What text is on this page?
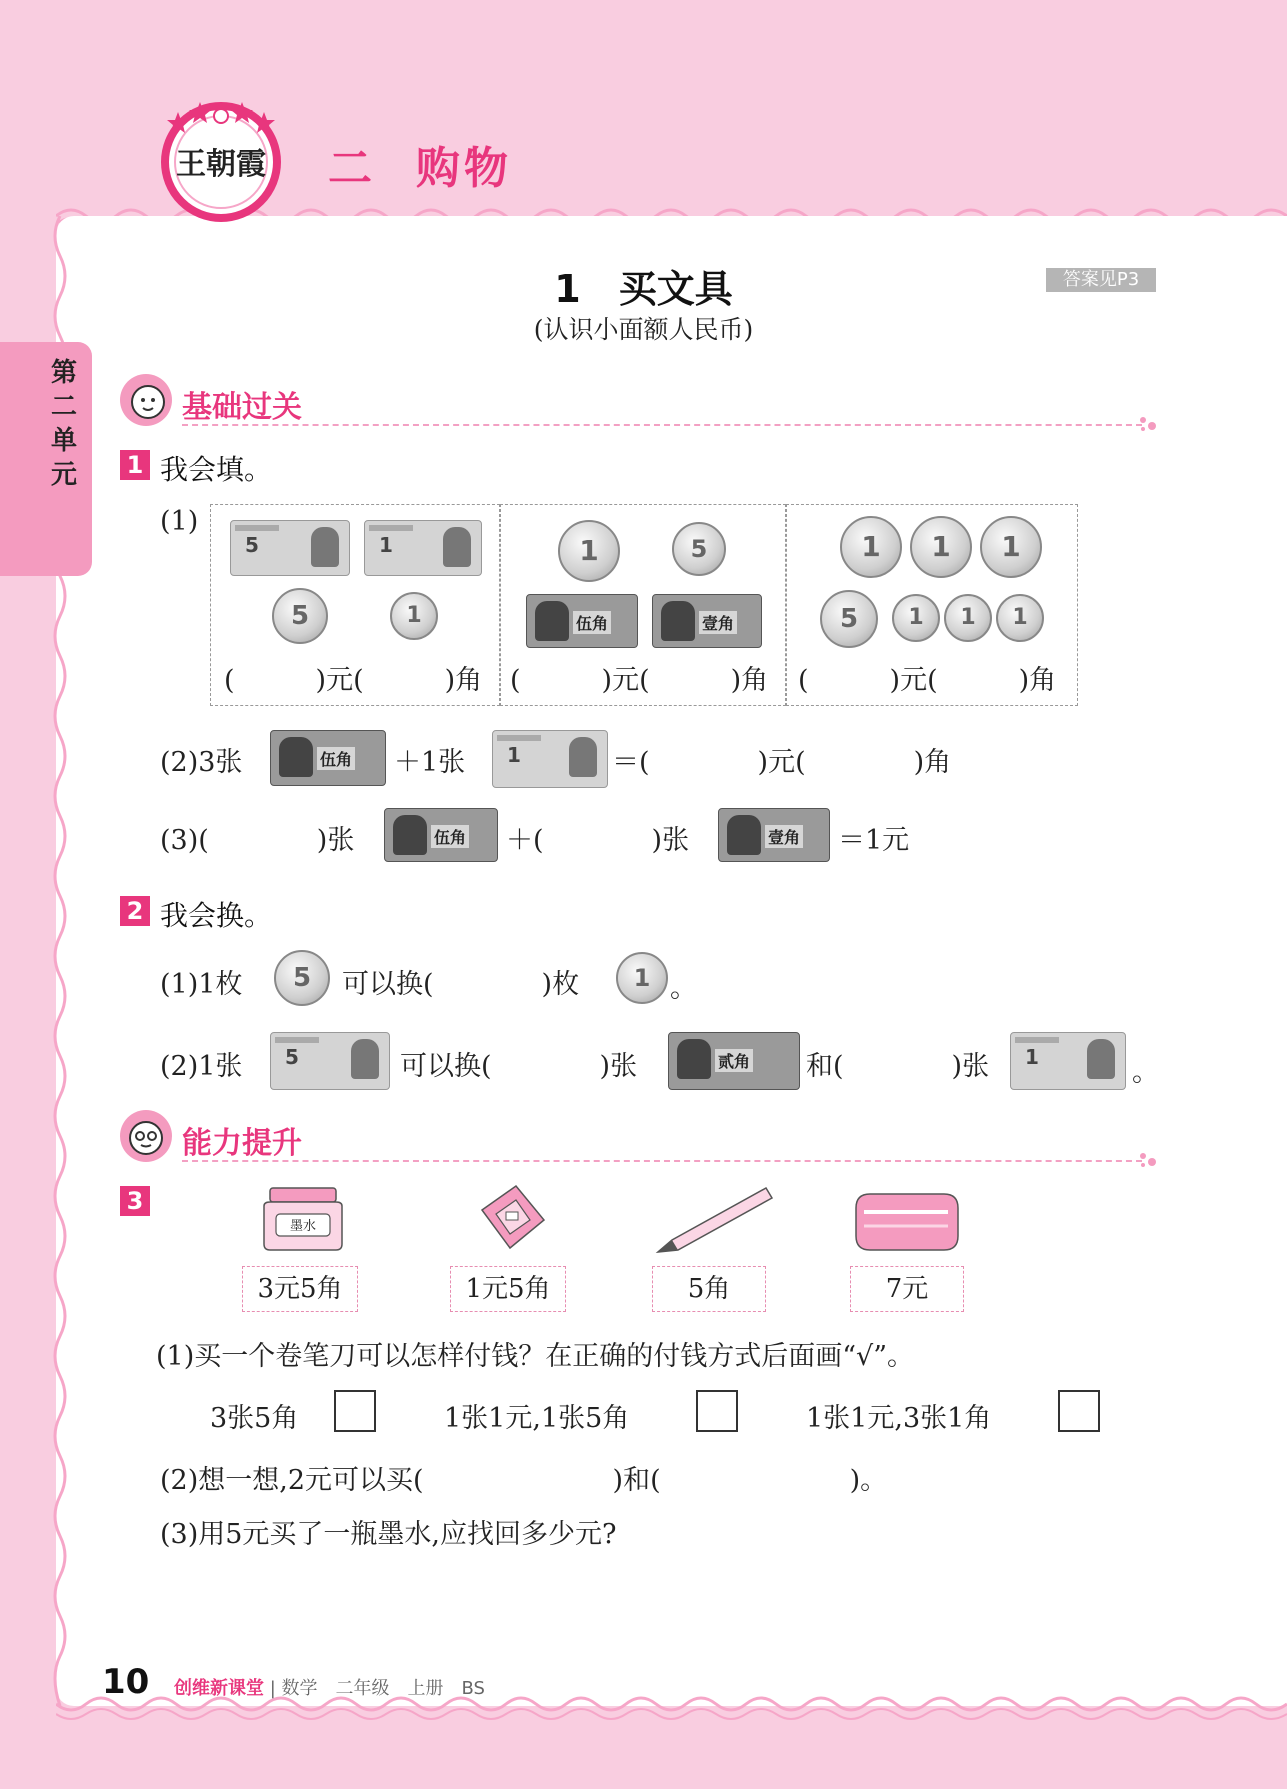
王朝霞 二 购物
第二单元
1　买文具
(认识小面额人民币)
答案见P3
基础过关
1 我会填。
(1)
5	1
5	1
(　　　)元(　　　)角
1	5
伍角	壹角
(　　　)元(　　　)角
1	1	1
5	1	1	1
(　　　)元(　　　)角
(2)3张	伍角 ＋1张 1	＝(　　　　)元(　　　　)角
(3)(　　　　)张	伍角 ＋(　　　　)张	壹角 ＝1元
2 我会换。
(1)1枚	5	可以换(　　　　)枚	1 。
(2)1张 5	可以换(　　　　)张	贰角 和(　　　　)张 1	。
能力提升
3
墨水
3元5角	1元5角	5角	7元
(1)买一个卷笔刀可以怎样付钱？在正确的付钱方式后面画“√”。
3张5角	1张1元,1张5角	1张1元,3张1角
(2)想一想,2元可以买(　　　　　　　)和(　　　　　　　)。
(3)用5元买了一瓶墨水,应找回多少元?
10 创维新课堂 | 数学　二年级　上册　BS
